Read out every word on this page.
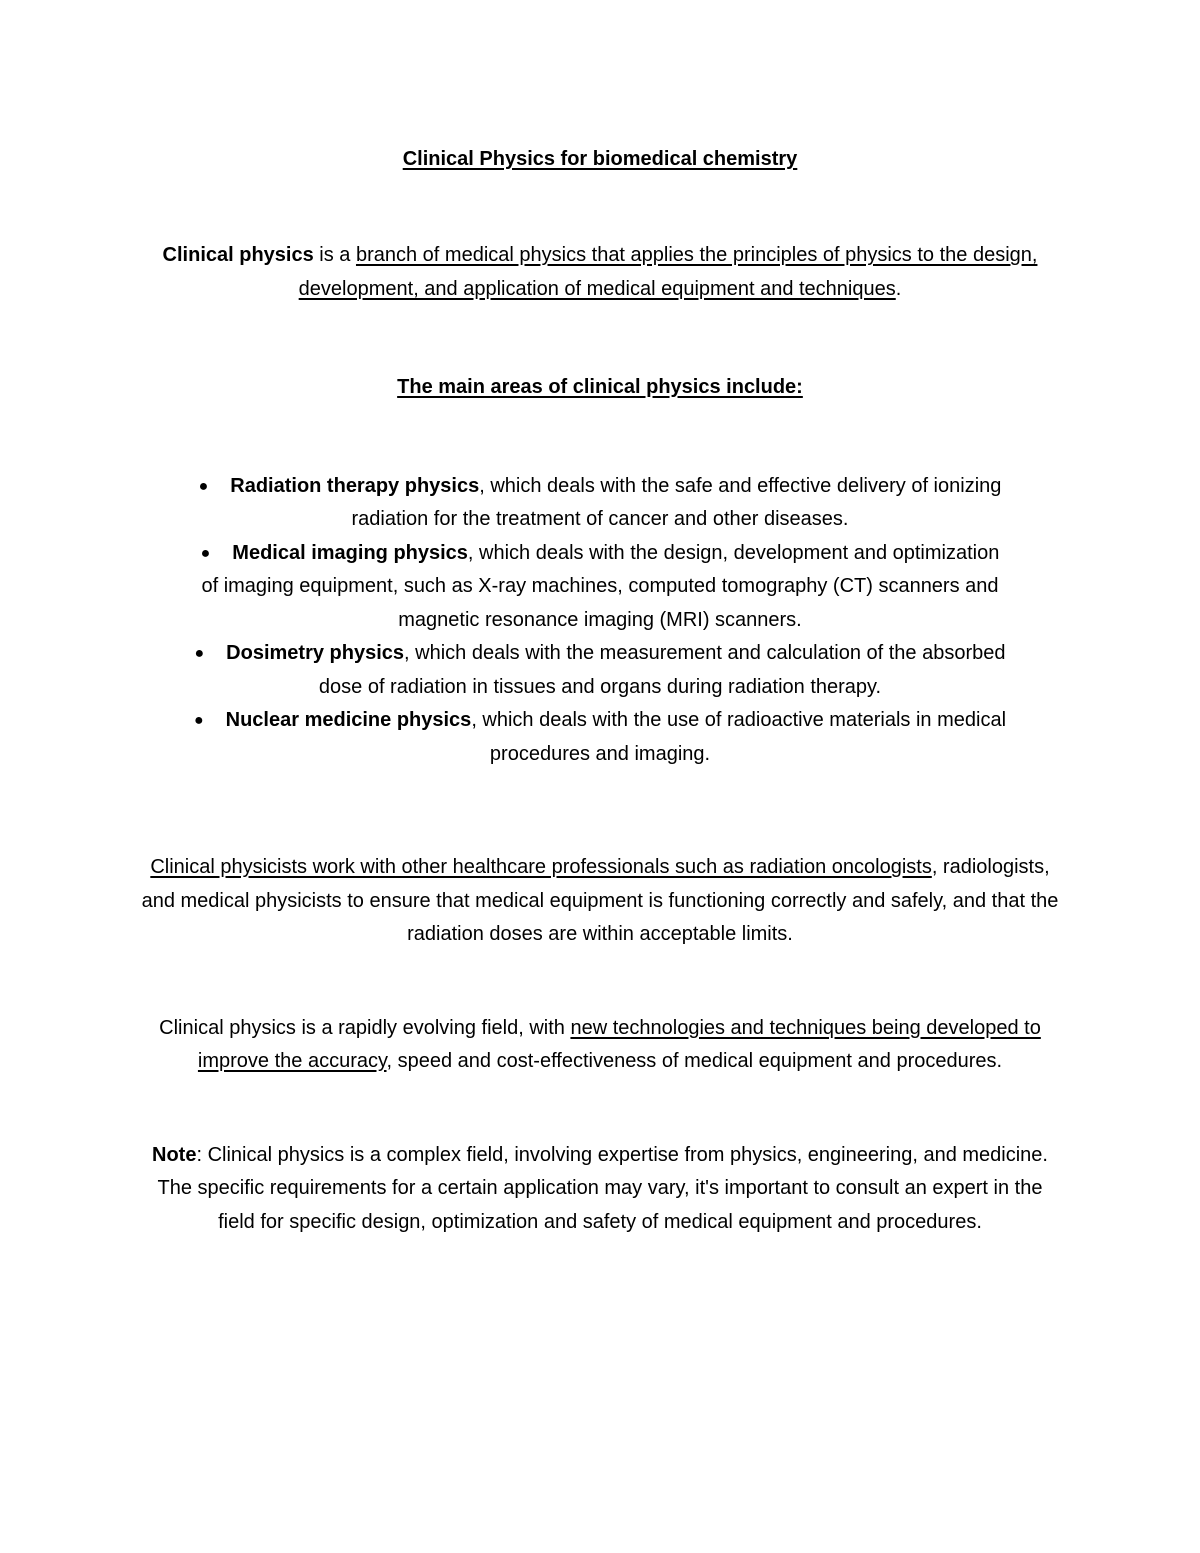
Clinical Physics for biomedical chemistry

Clinical physics is a branch of medical physics that applies the principles of physics to the design, development, and application of medical equipment and techniques.

The main areas of clinical physics include:

● Radiation therapy physics, which deals with the safe and effective delivery of ionizing radiation for the treatment of cancer and other diseases.
● Medical imaging physics, which deals with the design, development and optimization of imaging equipment, such as X-ray machines, computed tomography (CT) scanners and magnetic resonance imaging (MRI) scanners.
● Dosimetry physics, which deals with the measurement and calculation of the absorbed dose of radiation in tissues and organs during radiation therapy.
● Nuclear medicine physics, which deals with the use of radioactive materials in medical procedures and imaging.

Clinical physicists work with other healthcare professionals such as radiation oncologists, radiologists, and medical physicists to ensure that medical equipment is functioning correctly and safely, and that the radiation doses are within acceptable limits.

Clinical physics is a rapidly evolving field, with new technologies and techniques being developed to improve the accuracy, speed and cost-effectiveness of medical equipment and procedures.

Note: Clinical physics is a complex field, involving expertise from physics, engineering, and medicine. The specific requirements for a certain application may vary, it's important to consult an expert in the field for specific design, optimization and safety of medical equipment and procedures.
